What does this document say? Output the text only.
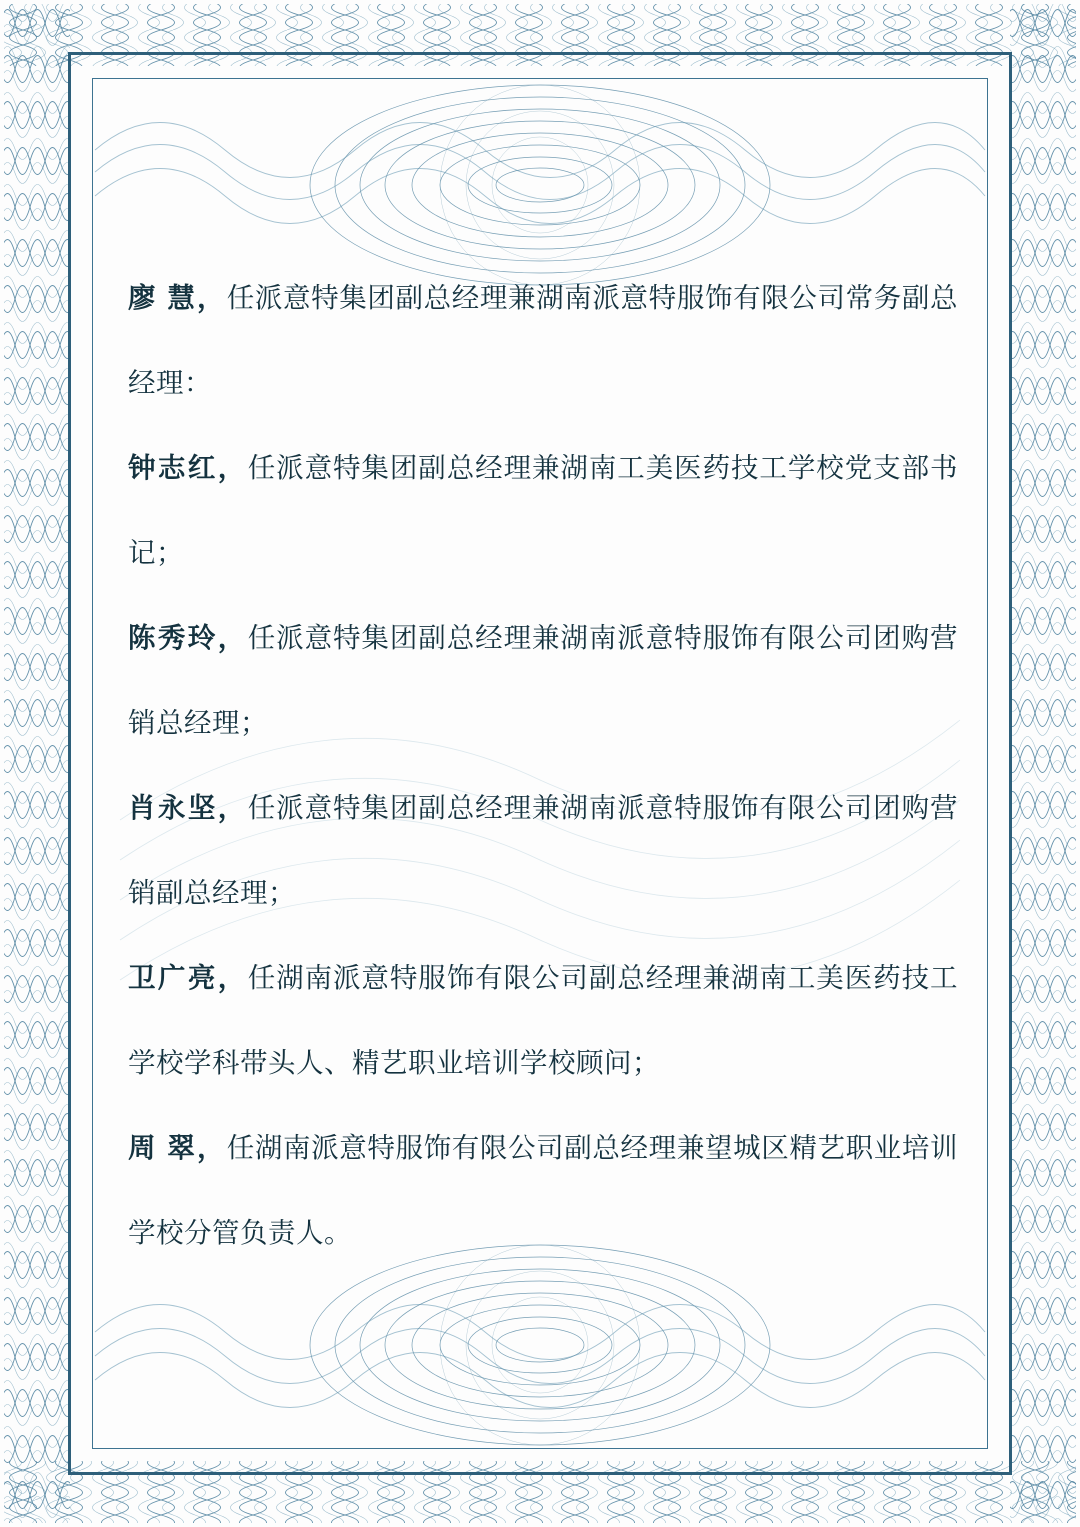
廖 慧，任派意特集团副总经理兼湖南派意特服饰有限公司常务副总经理：

钟志红，任派意特集团副总经理兼湖南工美医药技工学校党支部书记；

陈秀玲，任派意特集团副总经理兼湖南派意特服饰有限公司团购营销总经理；

肖永坚，任派意特集团副总经理兼湖南派意特服饰有限公司团购营销副总经理；

卫广亮，任湖南派意特服饰有限公司副总经理兼湖南工美医药技工学校学科带头人、精艺职业培训学校顾问；

周 翠，任湖南派意特服饰有限公司副总经理兼望城区精艺职业培训学校分管负责人。
